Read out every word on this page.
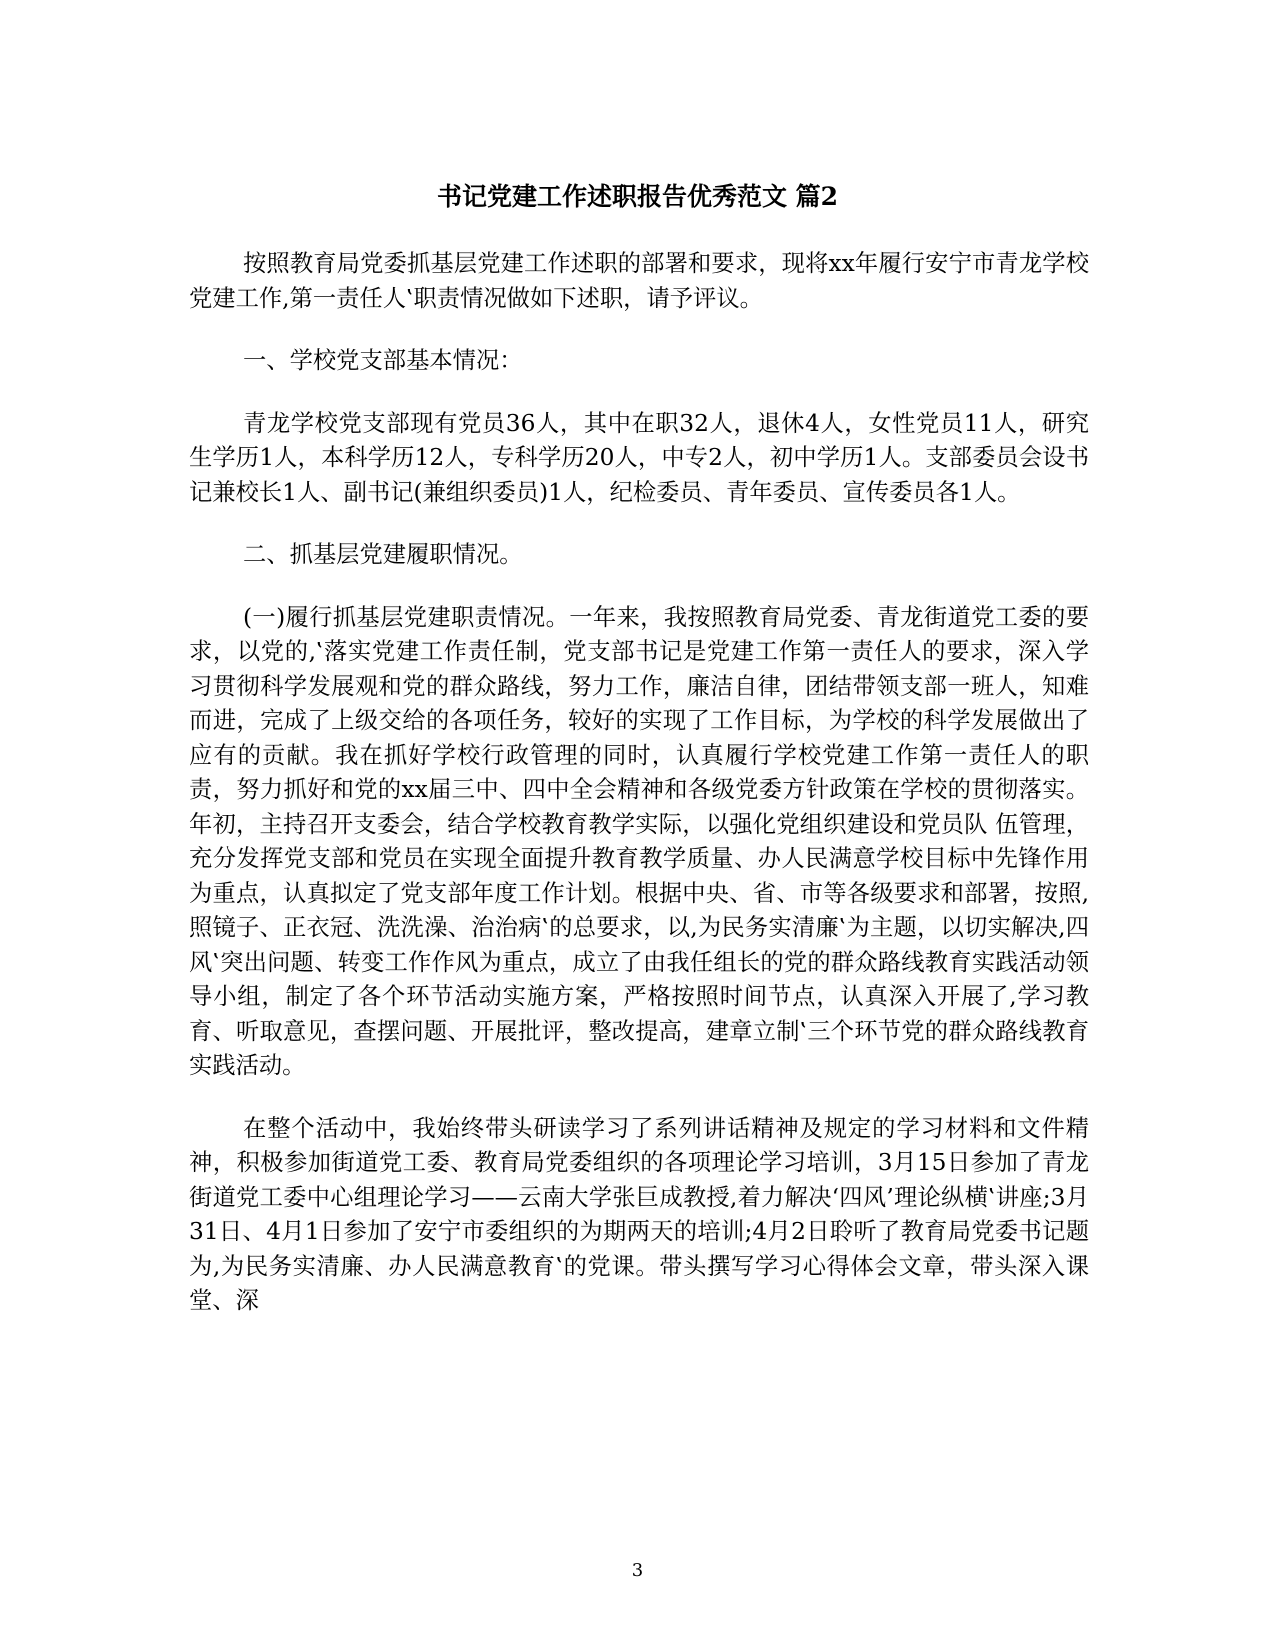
书记党建工作述职报告优秀范文 篇2

按照教育局党委抓基层党建工作述职的部署和要求，现将xx年履行安宁市青龙学校党建工作,第一责任人‛职责情况做如下述职，请予评议。

一、学校党支部基本情况：

青龙学校党支部现有党员36人，其中在职32人，退休4人，女性党员11人，研究生学历1人，本科学历12人，专科学历20人，中专2人，初中学历1人。支部委员会设书记兼校长1人、副书记(兼组织委员)1人，纪检委员、青年委员、宣传委员各1人。

二、抓基层党建履职情况。

(一)履行抓基层党建职责情况。一年来，我按照教育局党委、青龙街道党工委的要求，以党的,‛落实党建工作责任制，党支部书记是党建工作第一责任人的要求，深入学习贯彻科学发展观和党的群众路线，努力工作，廉洁自律，团结带领支部一班人，知难而进，完成了上级交给的各项任务，较好的实现了工作目标，为学校的科学发展做出了应有的贡献。我在抓好学校行政管理的同时，认真履行学校党建工作第一责任人的职责，努力抓好和党的xx届三中、四中全会精神和各级党委方针政策在学校的贯彻落实。年初，主持召开支委会，结合学校教育教学实际，以强化党组织建设和党员队 伍管理，充分发挥党支部和党员在实现全面提升教育教学质量、办人民满意学校目标中先锋作用为重点，认真拟定了党支部年度工作计划。根据中央、省、市等各级要求和部署，按照,照镜子、正衣冠、洗洗澡、治治病‛的总要求，以,为民务实清廉‛为主题，以切实解决,四风‛突出问题、转变工作作风为重点，成立了由我任组长的党的群众路线教育实践活动领导小组，制定了各个环节活动实施方案，严格按照时间节点，认真深入开展了,学习教育、听取意见，查摆问题、开展批评，整改提高，建章立制‛三个环节党的群众路线教育实践活动。

在整个活动中，我始终带头研读学习了系列讲话精神及规定的学习材料和文件精神，积极参加街道党工委、教育局党委组织的各项理论学习培训，3月15日参加了青龙街道党工委中心组理论学习——云南大学张巨成教授,着力解决‘四风’理论纵横‛讲座;3月31日、4月1日参加了安宁市委组织的为期两天的培训;4月2日聆听了教育局党委书记题为,为民务实清廉、办人民满意教育‛的党课。带头撰写学习心得体会文章，带头深入课堂、深

3
